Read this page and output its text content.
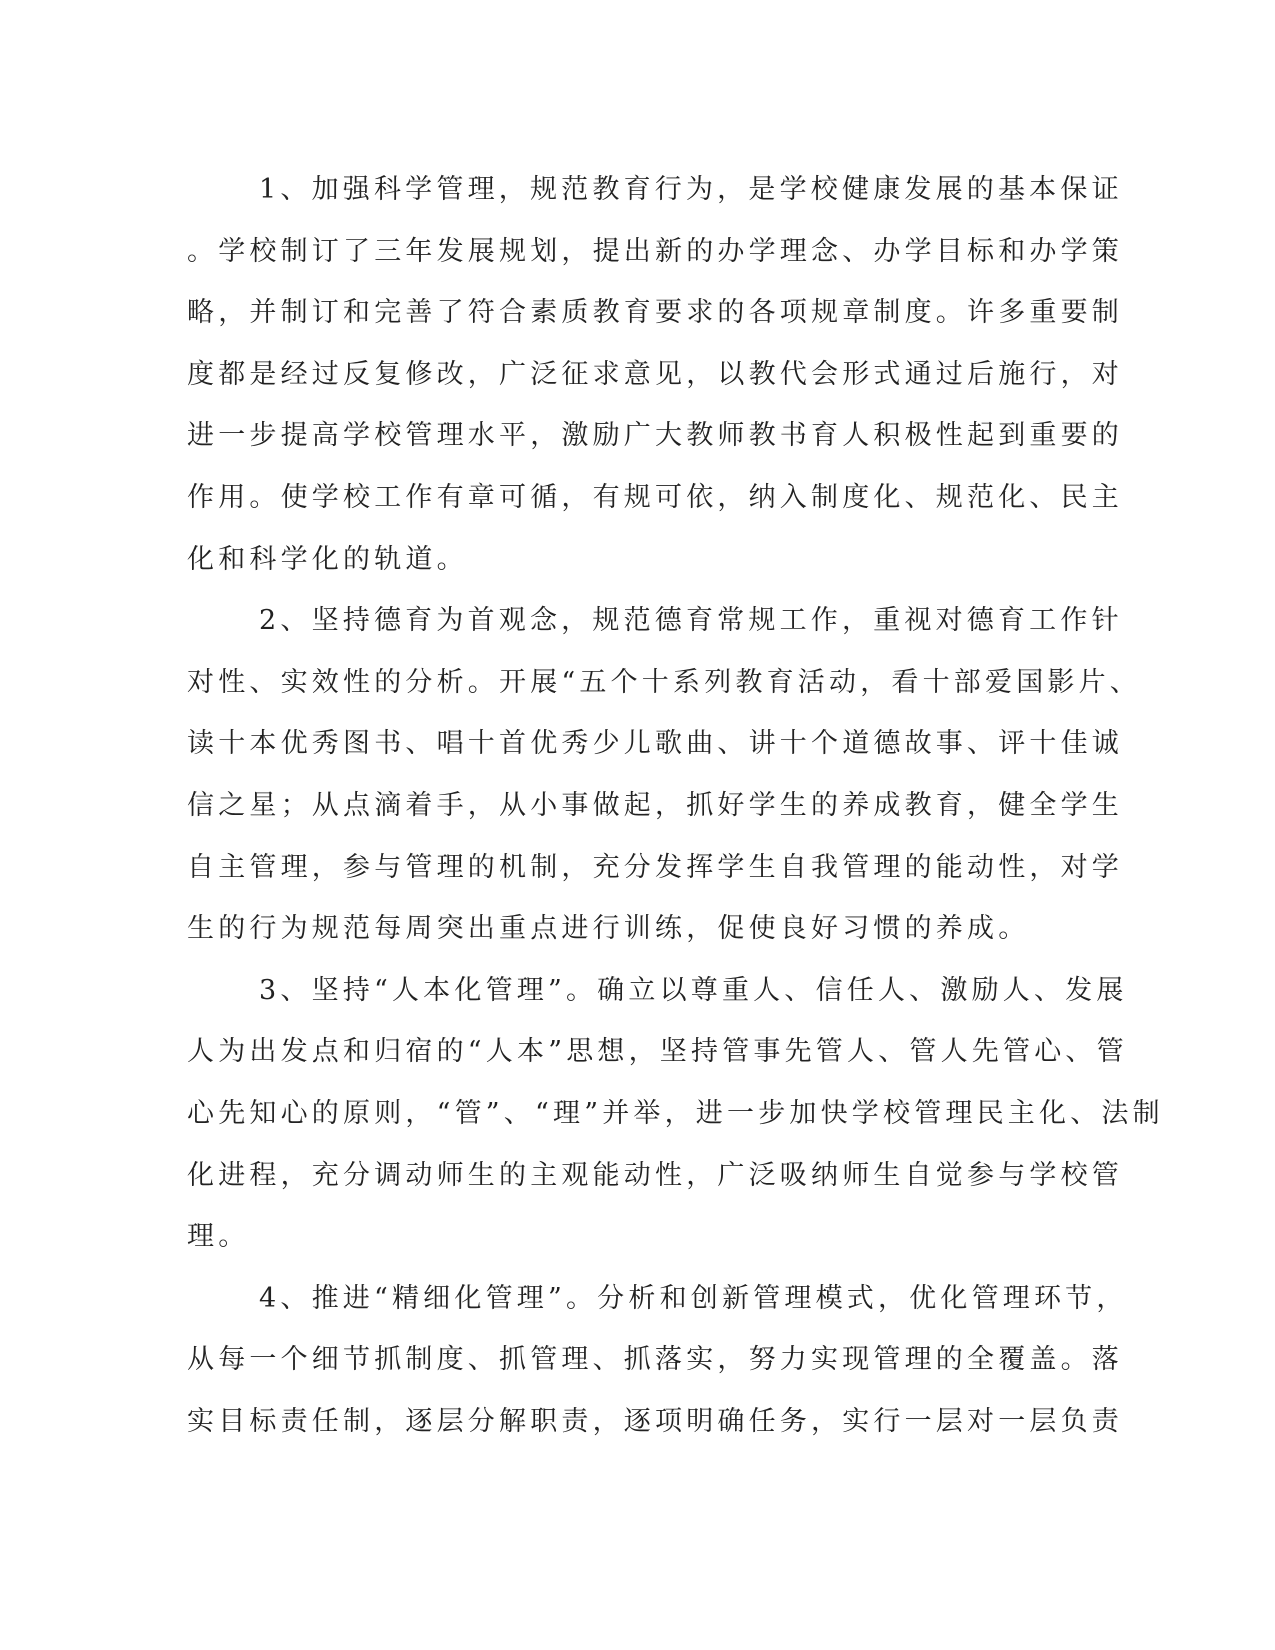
1、加强科学管理，规范教育行为，是学校健康发展的基本保证
。学校制订了三年发展规划，提出新的办学理念、办学目标和办学策
略，并制订和完善了符合素质教育要求的各项规章制度。许多重要制
度都是经过反复修改，广泛征求意见，以教代会形式通过后施行，对
进一步提高学校管理水平，激励广大教师教书育人积极性起到重要的
作用。使学校工作有章可循，有规可依，纳入制度化、规范化、民主
化和科学化的轨道。
2、坚持德育为首观念，规范德育常规工作，重视对德育工作针
对性、实效性的分析。开展“五个十系列教育活动，看十部爱国影片、
读十本优秀图书、唱十首优秀少儿歌曲、讲十个道德故事、评十佳诚
信之星；从点滴着手，从小事做起，抓好学生的养成教育，健全学生
自主管理，参与管理的机制，充分发挥学生自我管理的能动性，对学
生的行为规范每周突出重点进行训练，促使良好习惯的养成。
3、坚持“人本化管理”。确立以尊重人、信任人、激励人、发展
人为出发点和归宿的“人本”思想，坚持管事先管人、管人先管心、管
心先知心的原则，“管”、“理”并举，进一步加快学校管理民主化、法制
化进程，充分调动师生的主观能动性，广泛吸纳师生自觉参与学校管
理。
4、推进“精细化管理”。分析和创新管理模式，优化管理环节，
从每一个细节抓制度、抓管理、抓落实，努力实现管理的全覆盖。落
实目标责任制，逐层分解职责，逐项明确任务，实行一层对一层负责
